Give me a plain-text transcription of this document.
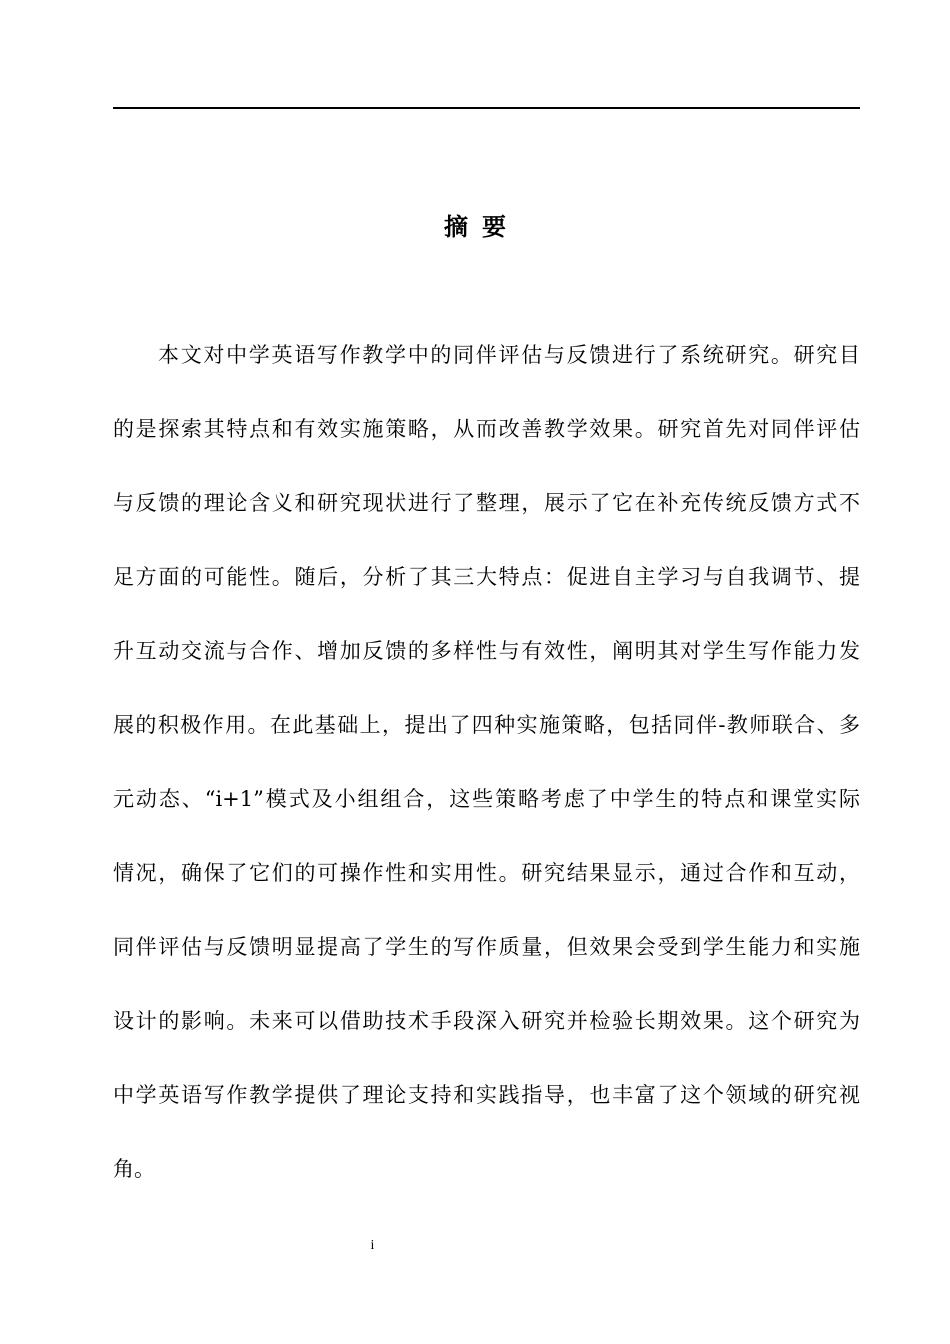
摘要
本文对中学英语写作教学中的同伴评估与反馈进行了系统研究。研究目
的是探索其特点和有效实施策略，从而改善教学效果。研究首先对同伴评估
与反馈的理论含义和研究现状进行了整理，展示了它在补充传统反馈方式不
足方面的可能性。随后，分析了其三大特点：促进自主学习与自我调节、提
升互动交流与合作、增加反馈的多样性与有效性，阐明其对学生写作能力发
展的积极作用。在此基础上，提出了四种实施策略，包括同伴-教师联合、多
元动态、“i+1”模式及小组组合，这些策略考虑了中学生的特点和课堂实际
情况，确保了它们的可操作性和实用性。研究结果显示，通过合作和互动，
同伴评估与反馈明显提高了学生的写作质量，但效果会受到学生能力和实施
设计的影响。未来可以借助技术手段深入研究并检验长期效果。这个研究为
中学英语写作教学提供了理论支持和实践指导，也丰富了这个领域的研究视
角。
i
